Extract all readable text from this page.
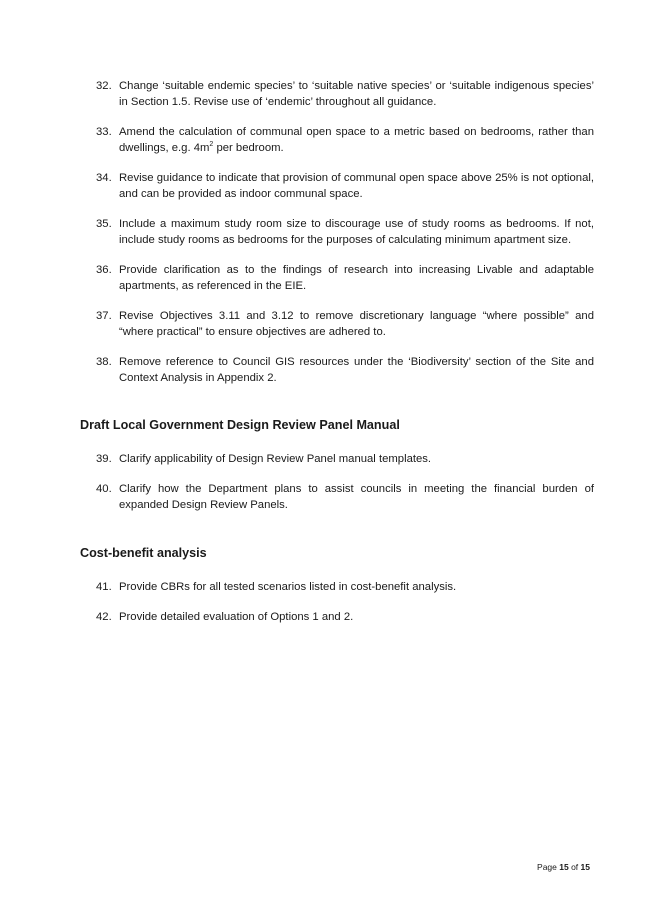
32. Change ‘suitable endemic species’ to ‘suitable native species’ or ‘suitable indigenous species’ in Section 1.5. Revise use of ‘endemic’ throughout all guidance.
33. Amend the calculation of communal open space to a metric based on bedrooms, rather than dwellings, e.g. $4m^2$ per bedroom.
34. Revise guidance to indicate that provision of communal open space above 25% is not optional, and can be provided as indoor communal space.
35. Include a maximum study room size to discourage use of study rooms as bedrooms. If not, include study rooms as bedrooms for the purposes of calculating minimum apartment size.
36. Provide clarification as to the findings of research into increasing Livable and adaptable apartments, as referenced in the EIE.
37. Revise Objectives 3.11 and 3.12 to remove discretionary language “where possible” and “where practical” to ensure objectives are adhered to.
38. Remove reference to Council GIS resources under the ‘Biodiversity’ section of the Site and Context Analysis in Appendix 2.
Draft Local Government Design Review Panel Manual
39. Clarify applicability of Design Review Panel manual templates.
40. Clarify how the Department plans to assist councils in meeting the financial burden of expanded Design Review Panels.
Cost-benefit analysis
41. Provide CBRs for all tested scenarios listed in cost-benefit analysis.
42. Provide detailed evaluation of Options 1 and 2.
Page 15 of 15
